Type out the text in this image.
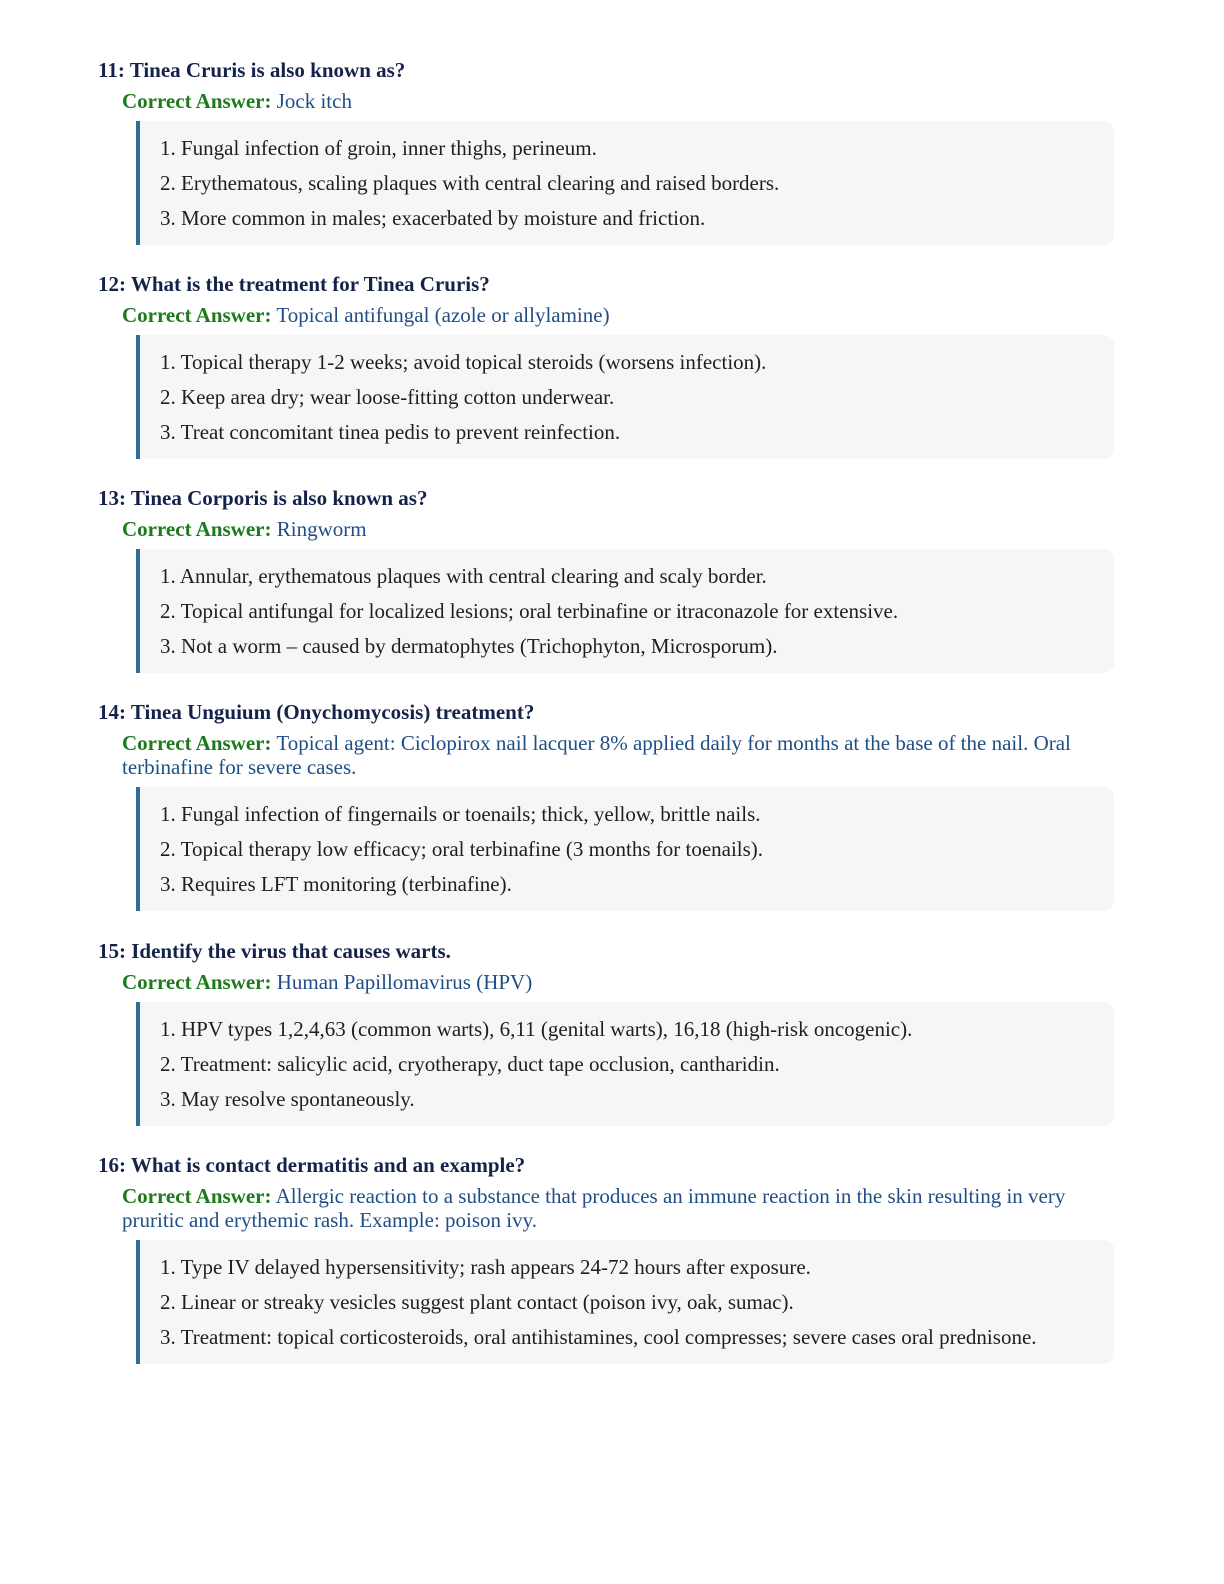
11: Tinea Cruris is also known as?

Correct Answer: Jock itch

1. Fungal infection of groin, inner thighs, perineum.

2. Erythematous, scaling plaques with central clearing and raised borders.

3. More common in males; exacerbated by moisture and friction.

12: What is the treatment for Tinea Cruris?

Correct Answer: Topical antifungal (azole or allylamine)

1. Topical therapy 1-2 weeks; avoid topical steroids (worsens infection).

2. Keep area dry; wear loose-fitting cotton underwear.

3. Treat concomitant tinea pedis to prevent reinfection.

13: Tinea Corporis is also known as?

Correct Answer: Ringworm

1. Annular, erythematous plaques with central clearing and scaly border.

2. Topical antifungal for localized lesions; oral terbinafine or itraconazole for extensive.

3. Not a worm – caused by dermatophytes (Trichophyton, Microsporum).

14: Tinea Unguium (Onychomycosis) treatment?

Correct Answer: Topical agent: Ciclopirox nail lacquer 8% applied daily for months at the base of the nail. Oral terbinafine for severe cases.

1. Fungal infection of fingernails or toenails; thick, yellow, brittle nails.

2. Topical therapy low efficacy; oral terbinafine (3 months for toenails).

3. Requires LFT monitoring (terbinafine).

15: Identify the virus that causes warts.

Correct Answer: Human Papillomavirus (HPV)

1. HPV types 1,2,4,63 (common warts), 6,11 (genital warts), 16,18 (high-risk oncogenic).

2. Treatment: salicylic acid, cryotherapy, duct tape occlusion, cantharidin.

3. May resolve spontaneously.

16: What is contact dermatitis and an example?

Correct Answer: Allergic reaction to a substance that produces an immune reaction in the skin resulting in very pruritic and erythemic rash. Example: poison ivy.

1. Type IV delayed hypersensitivity; rash appears 24-72 hours after exposure.

2. Linear or streaky vesicles suggest plant contact (poison ivy, oak, sumac).

3. Treatment: topical corticosteroids, oral antihistamines, cool compresses; severe cases oral prednisone.
